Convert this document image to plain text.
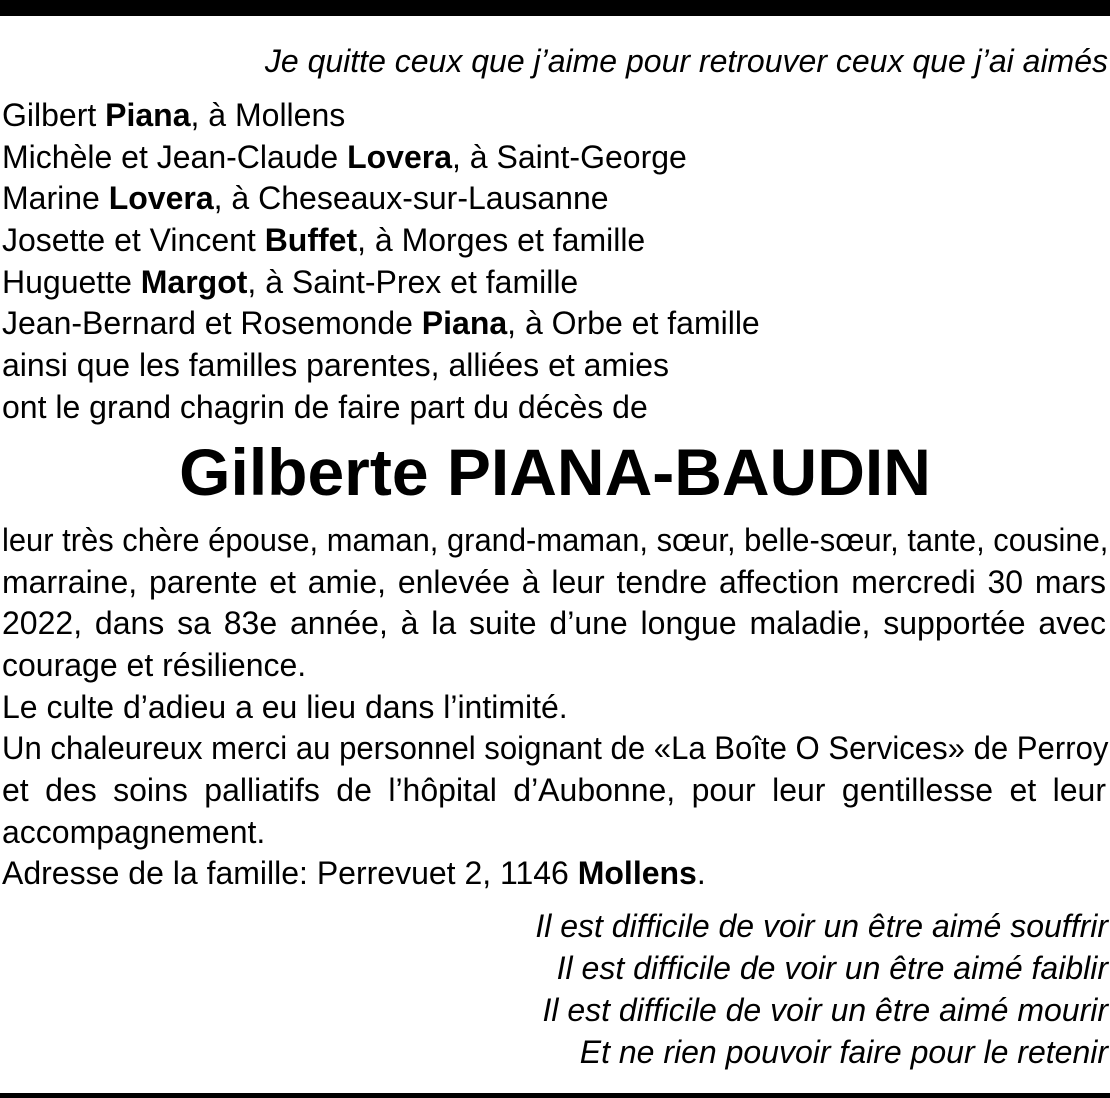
Je quitte ceux que j’aime pour retrouver ceux que j’ai aimés
Gilbert Piana, à Mollens
Michèle et Jean-Claude Lovera, à Saint-George
Marine Lovera, à Cheseaux-sur-Lausanne
Josette et Vincent Buffet, à Morges et famille
Huguette Margot, à Saint-Prex et famille
Jean-Bernard et Rosemonde Piana, à Orbe et famille
ainsi que les familles parentes, alliées et amies
ont le grand chagrin de faire part du décès de
Gilberte PIANA-BAUDIN
leur très chère épouse, maman, grand-maman, sœur, belle-sœur, tante, cousine,
marraine, parente et amie, enlevée à leur tendre affection mercredi 30 mars
2022, dans sa 83e année, à la suite d’une longue maladie, supportée avec
courage et résilience.
Le culte d’adieu a eu lieu dans l’intimité.
Un chaleureux merci au personnel soignant de «La Boîte O Services» de Perroy
et des soins palliatifs de l’hôpital d’Aubonne, pour leur gentillesse et leur
accompagnement.
Adresse de la famille: Perrevuet 2, 1146 Mollens.
Il est difficile de voir un être aimé souffrir
Il est difficile de voir un être aimé faiblir
Il est difficile de voir un être aimé mourir
Et ne rien pouvoir faire pour le retenir
